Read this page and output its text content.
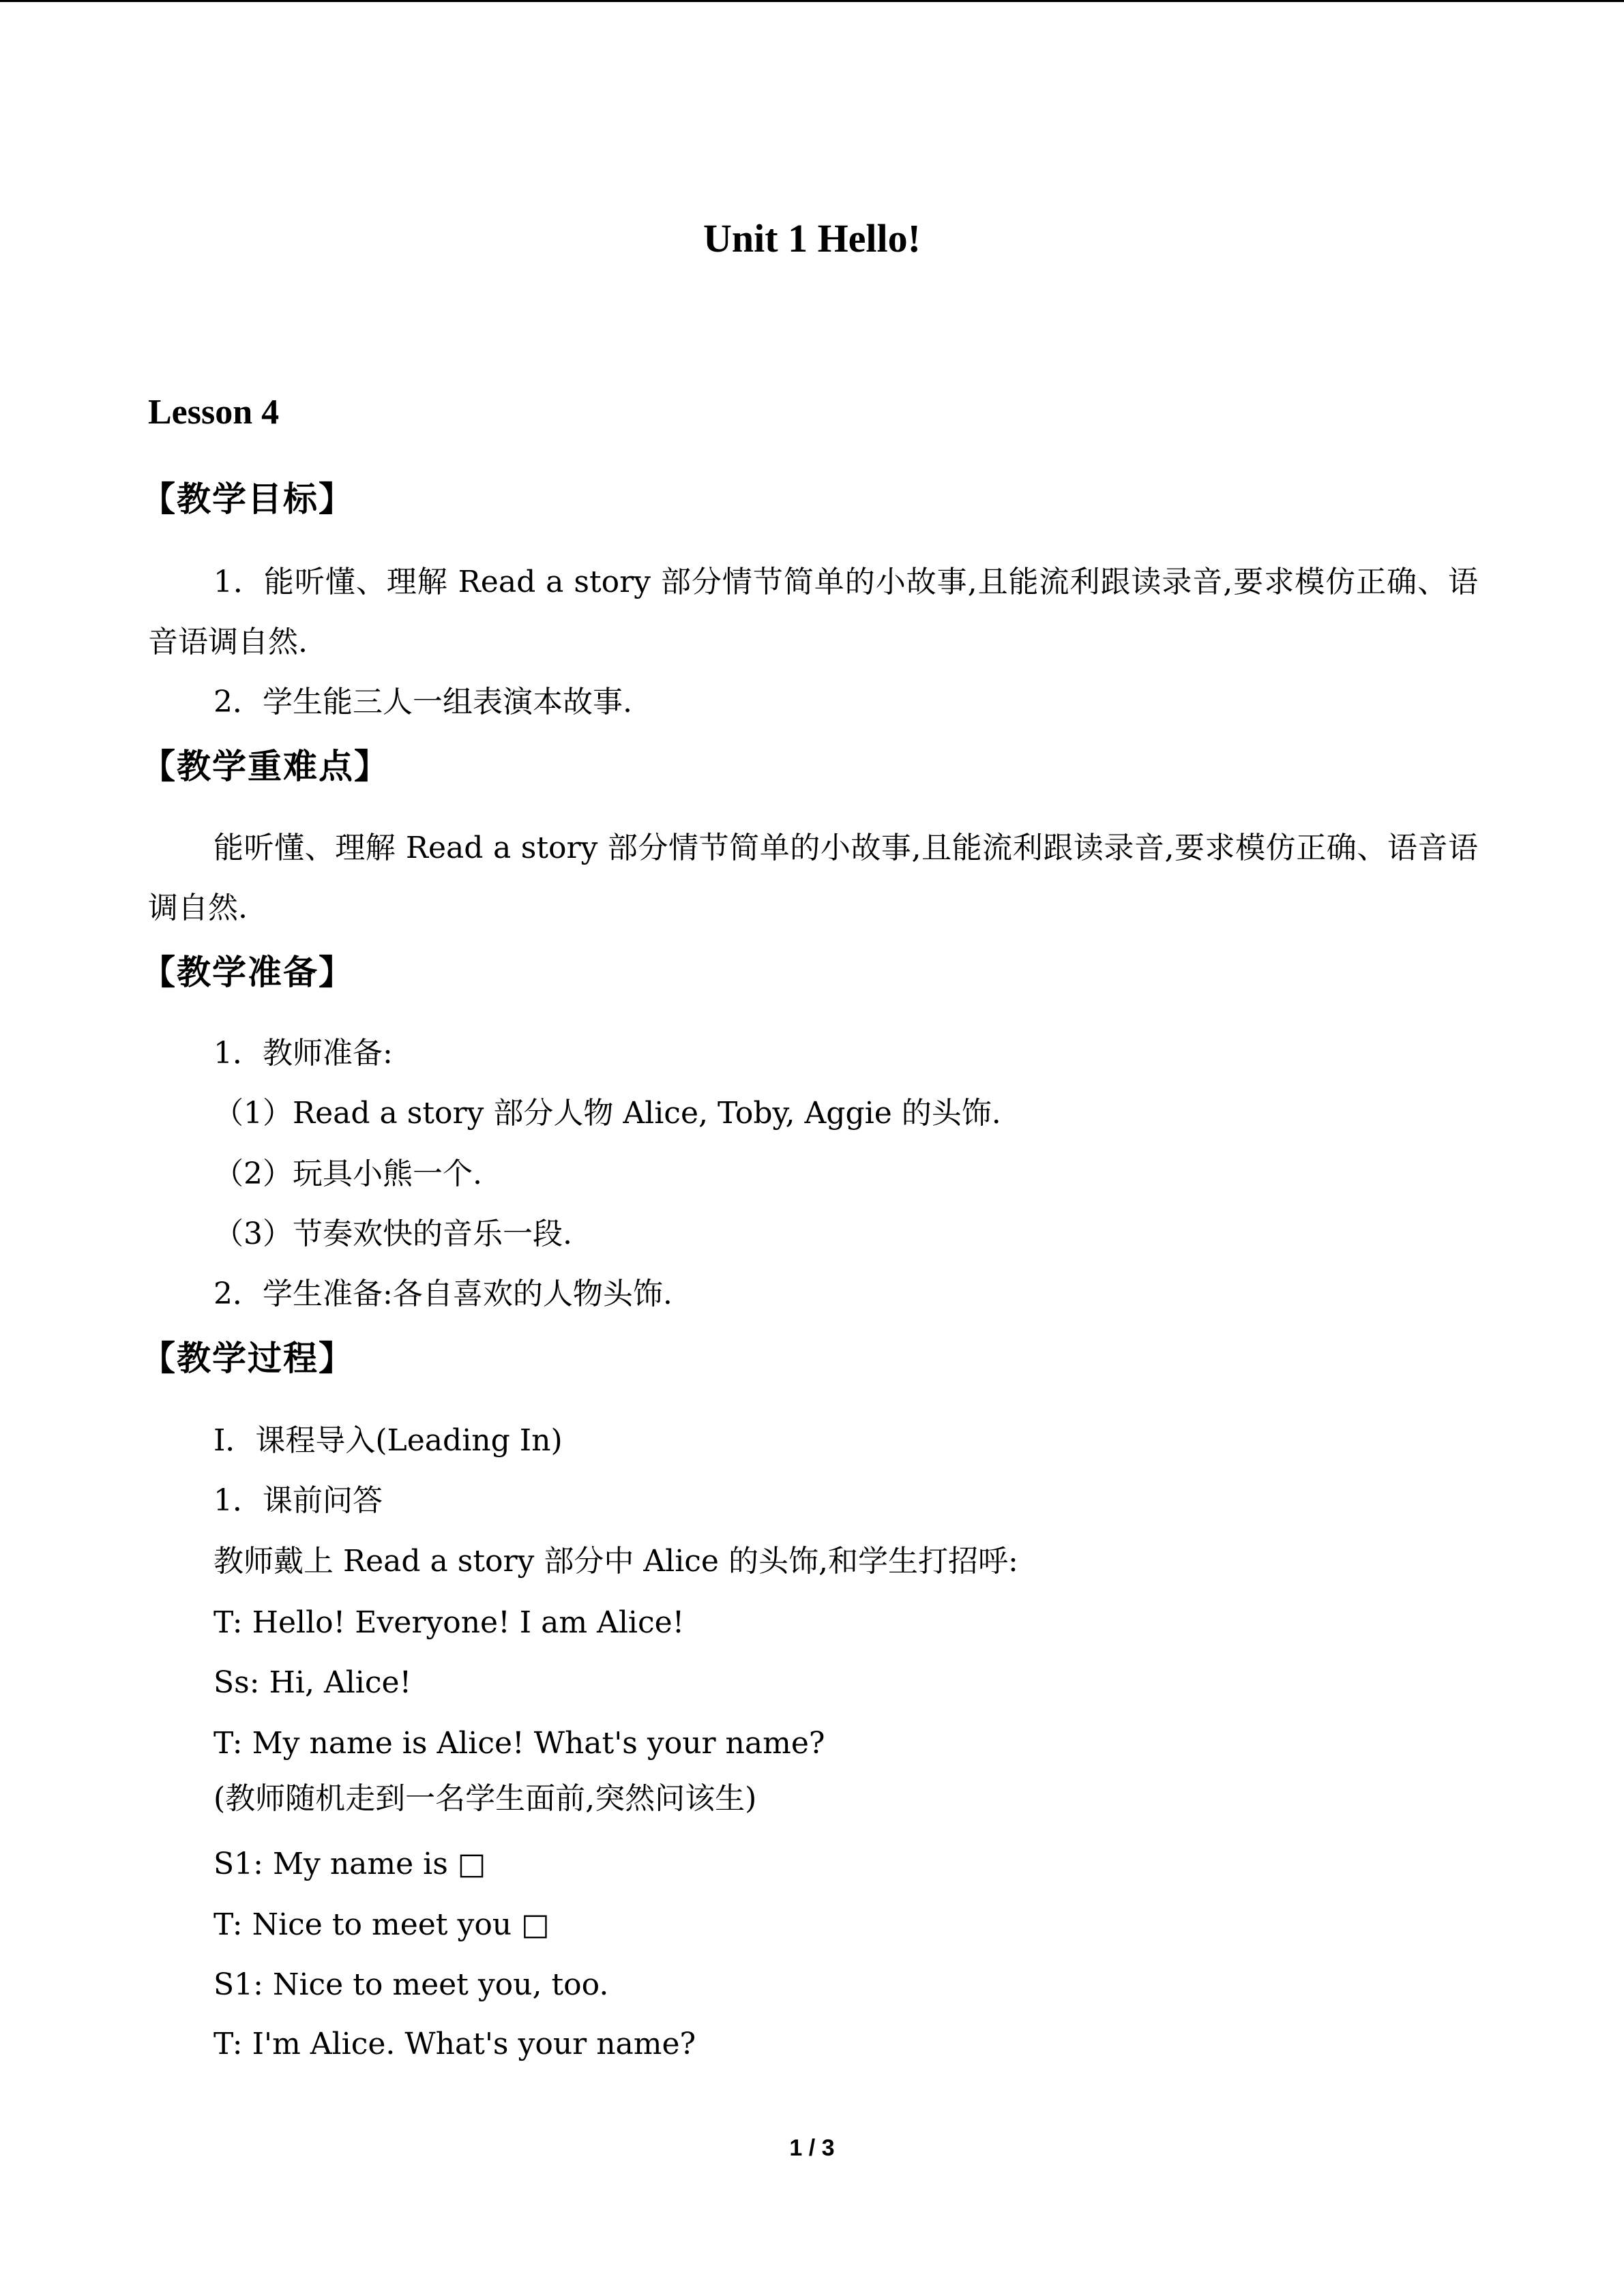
Unit 1 Hello!
Lesson 4
【教学目标】

1．能听懂、理解 Read a story 部分情节简单的小故事,且能流利跟读录音,要求模仿正确、语音语调自然.

2．学生能三人一组表演本故事.

【教学重难点】

能听懂、理解 Read a story 部分情节简单的小故事,且能流利跟读录音,要求模仿正确、语音语调自然.

【教学准备】

1．教师准备:

（1）Read a story 部分人物 Alice, Toby, Aggie 的头饰.

（2）玩具小熊一个.

（3）节奏欢快的音乐一段.

2．学生准备:各自喜欢的人物头饰.

【教学过程】

Ⅰ．课程导入(Leading In)

1．课前问答

教师戴上 Read a story 部分中 Alice 的头饰,和学生打招呼:

T: Hello! Everyone! I am Alice!

Ss: Hi, Alice!

T: My name is Alice! What's your name?

(教师随机走到一名学生面前,突然问该生)

S1: My name is □

T: Nice to meet you □

S1: Nice to meet you, too.

T: I'm Alice. What's your name?

1 / 3
